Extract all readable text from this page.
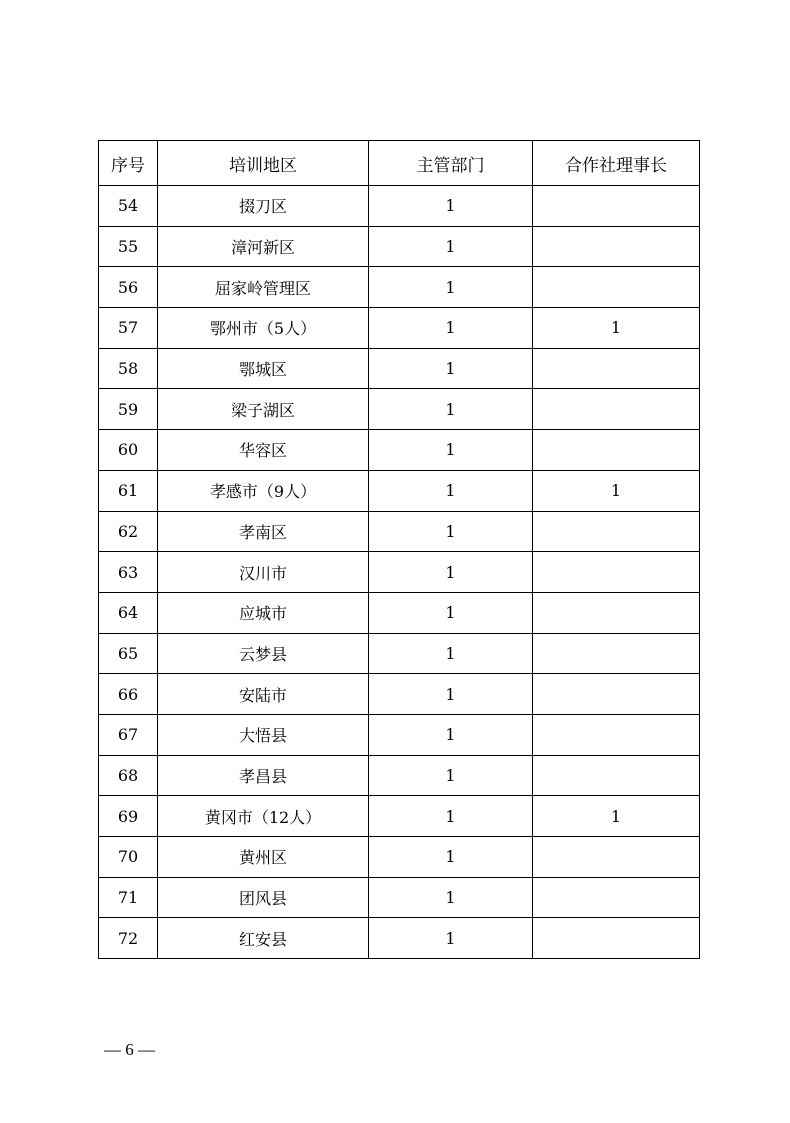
序号	培训地区	主管部门	合作社理事长
54	掇刀区	1	
55	漳河新区	1	
56	屈家岭管理区	1	
57	鄂州市（5人）	1	1
58	鄂城区	1	
59	梁子湖区	1	
60	华容区	1	
61	孝感市（9人）	1	1
62	孝南区	1	
63	汉川市	1	
64	应城市	1	
65	云梦县	1	
66	安陆市	1	
67	大悟县	1	
68	孝昌县	1	
69	黄冈市（12人）	1	1
70	黄州区	1	
71	团风县	1	
72	红安县	1	
— 6 —
